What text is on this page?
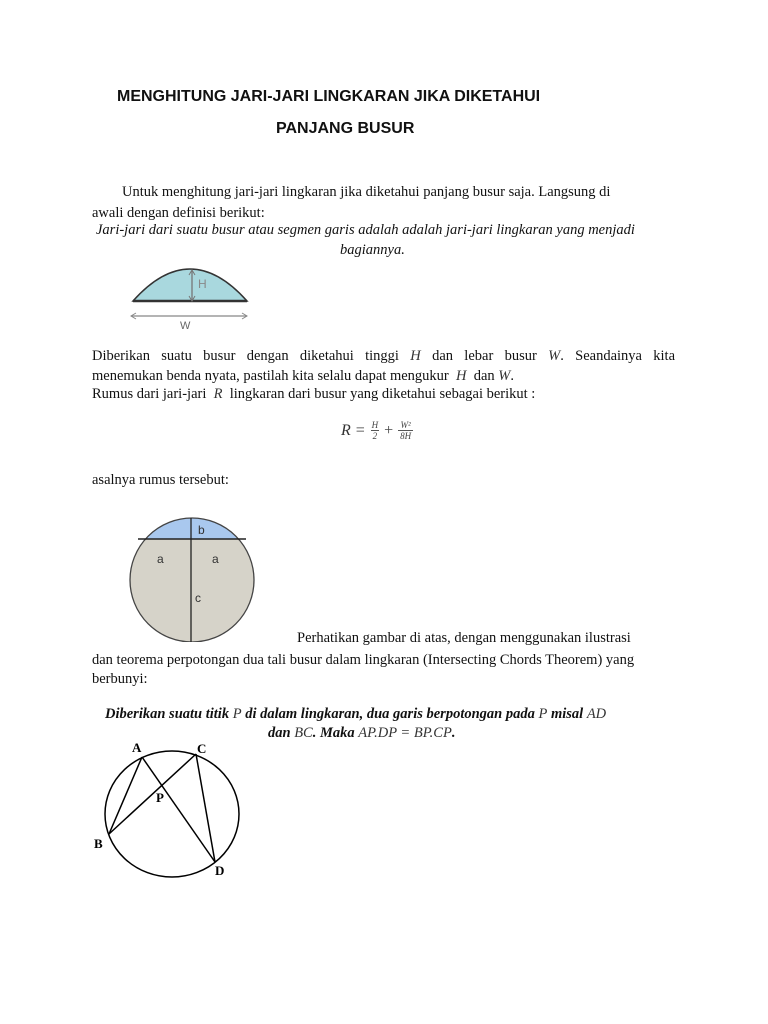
MENGHITUNG JARI-JARI LINGKARAN JIKA DIKETAHUI
PANJANG BUSUR
Untuk menghitung jari-jari lingkaran jika diketahui panjang busur saja. Langsung di
awali dengan definisi berikut:
Jari-jari dari suatu busur atau segmen garis adalah adalah jari-jari lingkaran yang menjadi
bagiannya.
H
W
Diberikan suatu busur dengan diketahui tinggi H dan lebar busur W. Seandainya kita
menemukan benda nyata, pastilah kita selalu dapat mengukur H dan W.
Rumus dari jari-jari R lingkaran dari busur yang diketahui sebagai berikut :
$R = \frac{H}{2} + \frac{\text{W²}}{8H}$
asalnya rumus tersebut:
b
a	a
c
Perhatikan gambar di atas, dengan menggunakan ilustrasi
dan teorema perpotongan dua tali busur dalam lingkaran (Intersecting Chords Theorem) yang
berbunyi:
Diberikan suatu titik P di dalam lingkaran, dua garis berpotongan pada P misal AD
dan BC. Maka AP.DP = BP.CP.
A	C
P
B
D
